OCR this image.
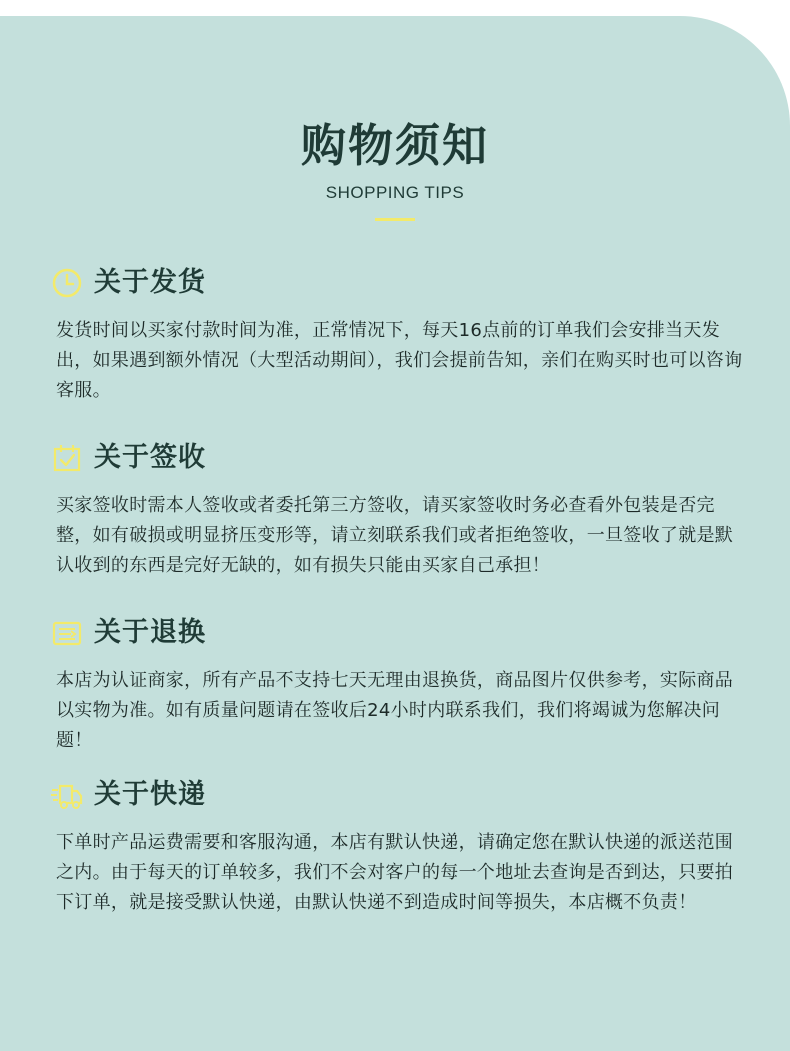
购物须知
SHOPPING TIPS
关于发货
发货时间以买家付款时间为准，正常情况下，每天16点前的订单我们会安排当天发出，如果遇到额外情况（大型活动期间），我们会提前告知，亲们在购买时也可以咨询客服。
关于签收
买家签收时需本人签收或者委托第三方签收，请买家签收时务必查看外包装是否完整，如有破损或明显挤压变形等，请立刻联系我们或者拒绝签收，一旦签收了就是默认收到的东西是完好无缺的，如有损失只能由买家自己承担！
关于退换
本店为认证商家，所有产品不支持七天无理由退换货，商品图片仅供参考，实际商品以实物为准。如有质量问题请在签收后24小时内联系我们，我们将竭诚为您解决问题！
关于快递
下单时产品运费需要和客服沟通，本店有默认快递，请确定您在默认快递的派送范围之内。由于每天的订单较多，我们不会对客户的每一个地址去查询是否到达，只要拍下订单，就是接受默认快递，由默认快递不到造成时间等损失，本店概不负责！
